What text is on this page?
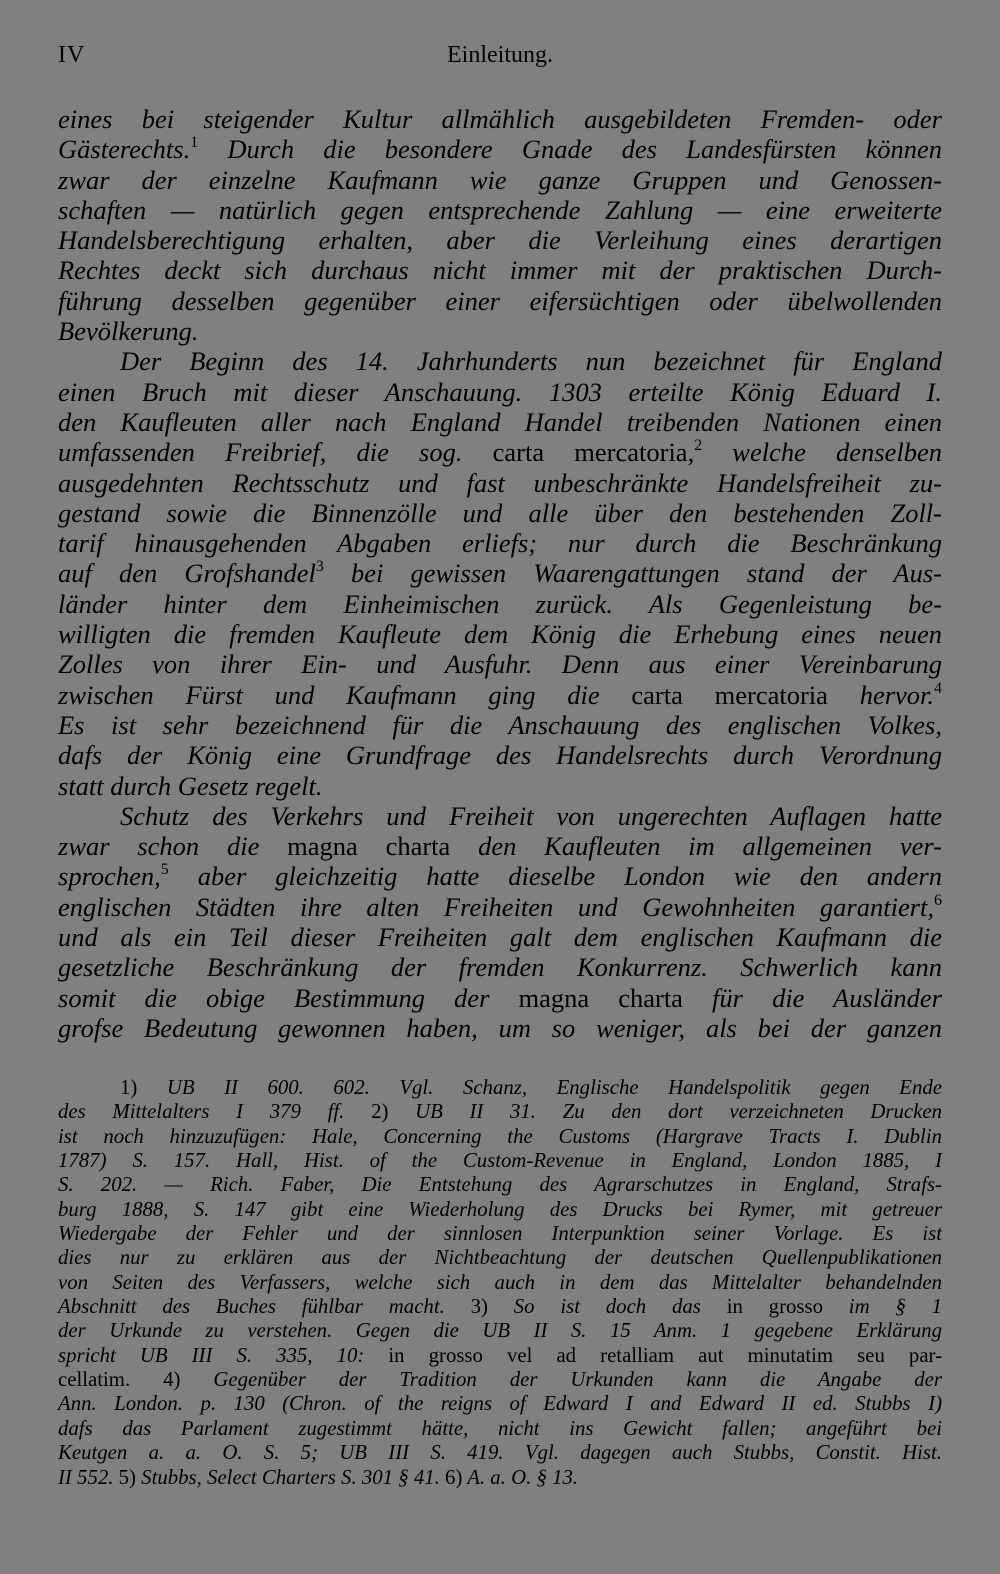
IV	Einleitung.
eines bei steigender Kultur allmählich ausgebildeten Fremden- oder
Gästerechts.$^1$ Durch die besondere Gnade des Landesfürsten können
zwar der einzelne Kaufmann wie ganze Gruppen und Genossen-
schaften — natürlich gegen entsprechende Zahlung — eine erweiterte
Handelsberechtigung erhalten, aber die Verleihung eines derartigen
Rechtes deckt sich durchaus nicht immer mit der praktischen Durch-
führung desselben gegenüber einer eifersüchtigen oder übelwollenden
Bevölkerung.
Der Beginn des 14. Jahrhunderts nun bezeichnet für England
einen Bruch mit dieser Anschauung. 1303 erteilte König Eduard I.
den Kaufleuten aller nach England Handel treibenden Nationen einen
umfassenden Freibrief, die sog. carta mercatoria,$^2$ welche denselben
ausgedehnten Rechtsschutz und fast unbeschränkte Handelsfreiheit zu-
gestand sowie die Binnenzölle und alle über den bestehenden Zoll-
tarif hinausgehenden Abgaben erliefs; nur durch die Beschränkung
auf den Grofshandel$^3$ bei gewissen Waarengattungen stand der Aus-
länder hinter dem Einheimischen zurück. Als Gegenleistung be-
willigten die fremden Kaufleute dem König die Erhebung eines neuen
Zolles von ihrer Ein- und Ausfuhr. Denn aus einer Vereinbarung
zwischen Fürst und Kaufmann ging die carta mercatoria hervor.$^4$
Es ist sehr bezeichnend für die Anschauung des englischen Volkes,
dafs der König eine Grundfrage des Handelsrechts durch Verordnung
statt durch Gesetz regelt.
Schutz des Verkehrs und Freiheit von ungerechten Auflagen hatte
zwar schon die magna charta den Kaufleuten im allgemeinen ver-
sprochen,$^5$ aber gleichzeitig hatte dieselbe London wie den andern
englischen Städten ihre alten Freiheiten und Gewohnheiten garantiert,$^6$
und als ein Teil dieser Freiheiten galt dem englischen Kaufmann die
gesetzliche Beschränkung der fremden Konkurrenz. Schwerlich kann
somit die obige Bestimmung der magna charta für die Ausländer
grofse Bedeutung gewonnen haben, um so weniger, als bei der ganzen
1) UB II 600. 602. Vgl. Schanz, Englische Handelspolitik gegen Ende
des Mittelalters I 379 ff. 2) UB II 31. Zu den dort verzeichneten Drucken
ist noch hinzuzufügen: Hale, Concerning the Customs (Hargrave Tracts I. Dublin
1787) S. 157. Hall, Hist. of the Custom-Revenue in England, London 1885, I
S. 202. — Rich. Faber, Die Entstehung des Agrarschutzes in England, Strafs-
burg 1888, S. 147 gibt eine Wiederholung des Drucks bei Rymer, mit getreuer
Wiedergabe der Fehler und der sinnlosen Interpunktion seiner Vorlage. Es ist
dies nur zu erklären aus der Nichtbeachtung der deutschen Quellenpublikationen
von Seiten des Verfassers, welche sich auch in dem das Mittelalter behandelnden
Abschnitt des Buches fühlbar macht. 3) So ist doch das in grosso im § 1
der Urkunde zu verstehen. Gegen die UB II S. 15 Anm. 1 gegebene Erklärung
spricht UB III S. 335, 10: in grosso vel ad retalliam aut minutatim seu par-
cellatim. 4) Gegenüber der Tradition der Urkunden kann die Angabe der
Ann. London. p. 130 (Chron. of the reigns of Edward I and Edward II ed. Stubbs I)
dafs das Parlament zugestimmt hätte, nicht ins Gewicht fallen; angeführt bei
Keutgen a. a. O. S. 5; UB III S. 419. Vgl. dagegen auch Stubbs, Constit. Hist.
II 552. 5) Stubbs, Select Charters S. 301 § 41. 6) A. a. O. § 13.
